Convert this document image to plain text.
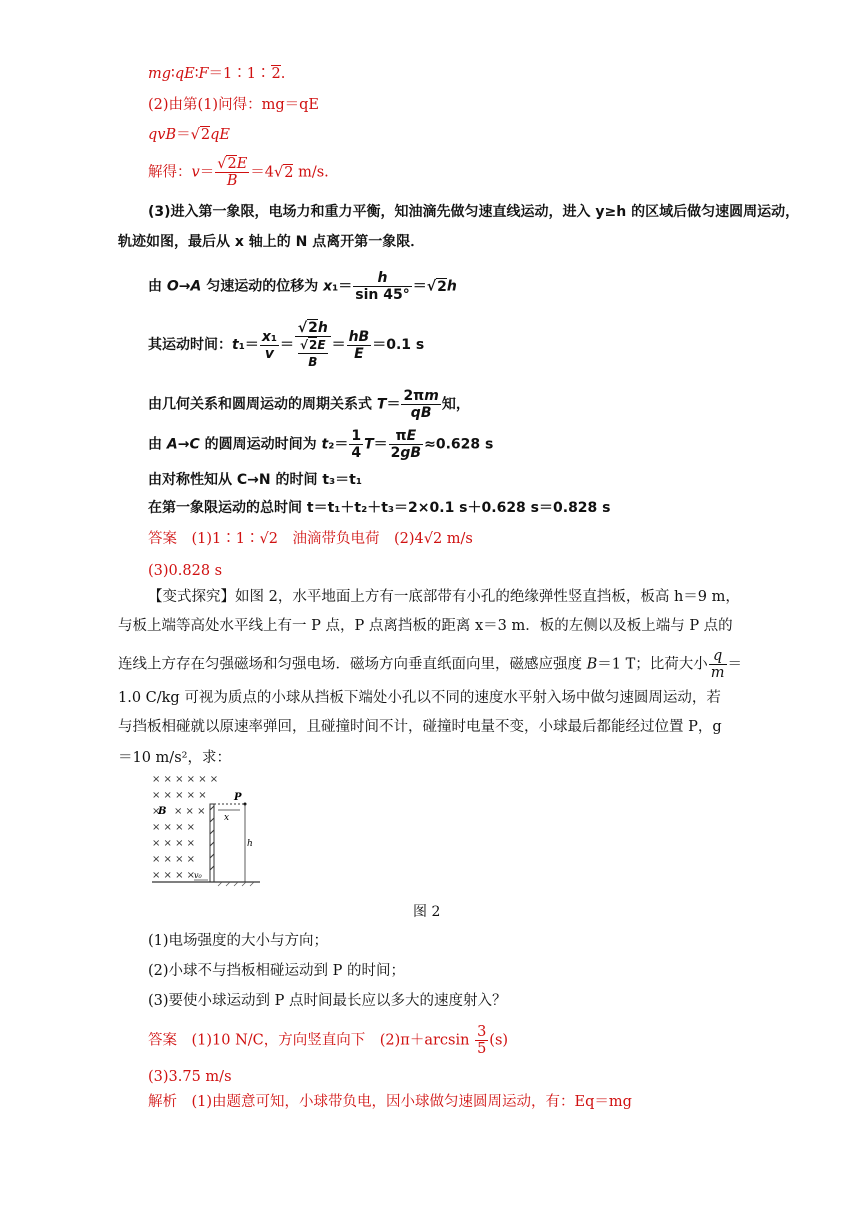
mg∶qE∶F＝1∶1∶2.
(2)由第(1)问得：mg＝qE
qvB＝√2qE
解得：$v= \frac{√2E}{B} =4√2$ m/s.
(3)进入第一象限，电场力和重力平衡，知油滴先做匀速直线运动，进入 y≥h 的区域后做匀速圆周运动，
轨迹如图，最后从 x 轴上的 N 点离开第一象限．
由 O→A 匀速运动的位移为 $x_1= \frac{h}{\sin 45^\circ} =√2h$
其运动时间：$t_1= \frac{\text{x₁}}{v} = \frac{√2h}{\frac{√2E}{B}} = \frac{hB}{E} =0.1$ s
由几何关系和圆周运动的周期关系式 $T= \frac{2\pi m}{qB}$ 知，
由 A→C 的圆周运动时间为 $t_2= \frac{1}{4} T= \frac{\pi E}{2gB} \approx 0.628$ s
由对称性知从 C→N 的时间 t₃＝t₁
在第一象限运动的总时间 t＝t₁＋t₂＋t₃＝2×0.1 s＋0.628 s＝0.828 s
答案　(1)1∶1∶√2　油滴带负电荷　(2)4√2 m/s
(3)0.828 s
【变式探究】如图 2，水平地面上方有一底部带有小孔的绝缘弹性竖直挡板，板高 h＝9 m，
与板上端等高处水平线上有一 P 点，P 点离挡板的距离 x＝3 m．板的左侧以及板上端与 P 点的
连线上方存在匀强磁场和匀强电场．磁场方向垂直纸面向里，磁感应强度 B＝1 T；比荷大小 $\frac{q}{m}$ ＝
1.0 C/kg 可视为质点的小球从挡板下端处小孔以不同的速度水平射入场中做匀速圆周运动，若
与挡板相碰就以原速率弹回，且碰撞时间不计，碰撞时电量不变，小球最后都能经过位置 P，g
＝10 m/s²，求：
× × × × × ×
× × × × ×
× × × ×
× × × ×
× × × ×
× × × ×
× × × ×
B
P
x
h
v₀
图 2
(1)电场强度的大小与方向；
(2)小球不与挡板相碰运动到 P 的时间；
(3)要使小球运动到 P 点时间最长应以多大的速度射入？
答案　(1)10 N/C，方向竖直向下　$(2)\pi+\arcsin \frac{3}{5} (s)$
(3)3.75 m/s
解析　(1)由题意可知，小球带负电，因小球做匀速圆周运动，有：Eq＝mg
